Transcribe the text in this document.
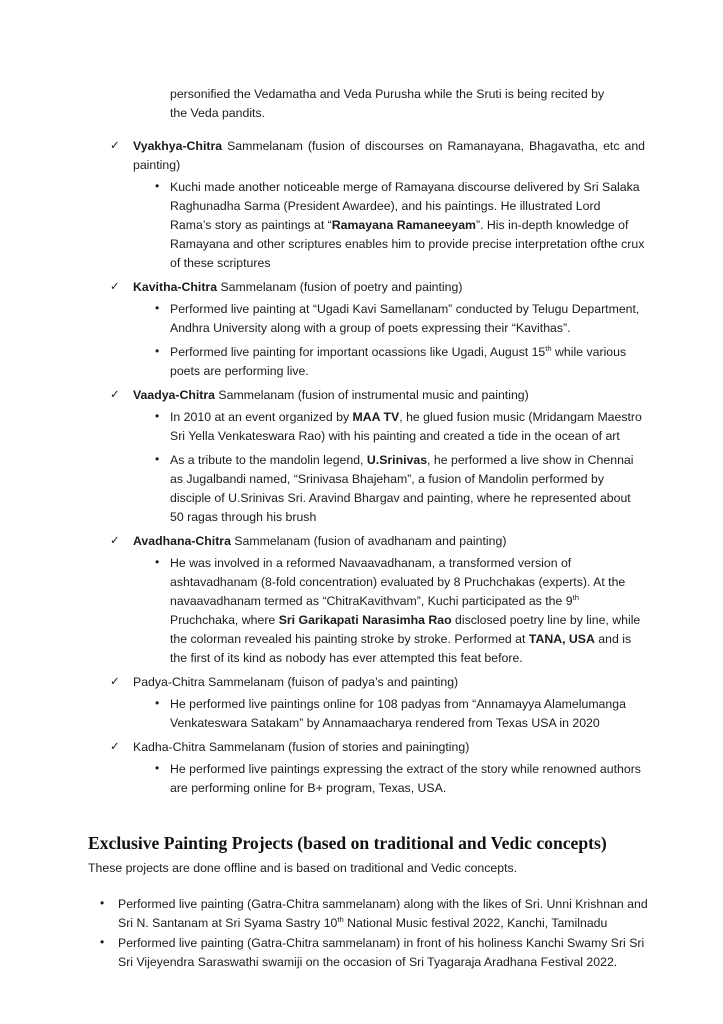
personified the Vedamatha and Veda Purusha while the Sruti is being recited by the Veda pandits.

✓ Vyakhya-Chitra Sammelanam (fusion of discourses on Ramanayana, Bhagavatha, etc and painting)
• Kuchi made another noticeable merge of Ramayana discourse delivered by Sri Salaka Raghunadha Sarma (President Awardee), and his paintings. He illustrated Lord Rama’s story as paintings at “Ramayana Ramaneeyam”. His in-depth knowledge of Ramayana and other scriptures enables him to provide precise interpretation ofthe crux of these scriptures
✓ Kavitha-Chitra Sammelanam (fusion of poetry and painting)
• Performed live painting at “Ugadi Kavi Samellanam” conducted by Telugu Department, Andhra University along with a group of poets expressing their “Kavithas”.
• Performed live painting for important ocassions like Ugadi, August 15th while various poets are performing live.
✓ Vaadya-Chitra Sammelanam (fusion of instrumental music and painting)
• In 2010 at an event organized by MAA TV, he glued fusion music (Mridangam Maestro Sri Yella Venkateswara Rao) with his painting and created a tide in the ocean of art
• As a tribute to the mandolin legend, U.Srinivas, he performed a live show in Chennai as Jugalbandi named, “Srinivasa Bhajeham”, a fusion of Mandolin performed by disciple of U.Srinivas Sri. Aravind Bhargav and painting, where he represented about 50 ragas through his brush
✓ Avadhana-Chitra Sammelanam (fusion of avadhanam and painting)
• He was involved in a reformed Navaavadhanam, a transformed version of ashtavadhanam (8-fold concentration) evaluated by 8 Pruchchakas (experts). At the navaavadhanam termed as “ChitraKavithvam”, Kuchi participated as the 9th Pruchchaka, where Sri Garikapati Narasimha Rao disclosed poetry line by line, while the colorman revealed his painting stroke by stroke. Performed at TANA, USA and is the first of its kind as nobody has ever attempted this feat before.
✓ Padya-Chitra Sammelanam (fuison of padya’s and painting)
• He performed live paintings online for 108 padyas from “Annamayya Alamelumanga Venkateswara Satakam” by Annamaacharya rendered from Texas USA in 2020
✓ Kadha-Chitra Sammelanam (fusion of stories and painingting)
• He performed live paintings expressing the extract of the story while renowned authors are performing online for B+ program, Texas, USA.
Exclusive Painting Projects (based on traditional and Vedic concepts)

These projects are done offline and is based on traditional and Vedic concepts.

• Performed live painting (Gatra-Chitra sammelanam) along with the likes of Sri. Unni Krishnan and Sri N. Santanam at Sri Syama Sastry 10th National Music festival 2022, Kanchi, Tamilnadu
• Performed live painting (Gatra-Chitra sammelanam) in front of his holiness Kanchi Swamy Sri Sri Sri Vijeyendra Saraswathi swamiji on the occasion of Sri Tyagaraja Aradhana Festival 2022.
